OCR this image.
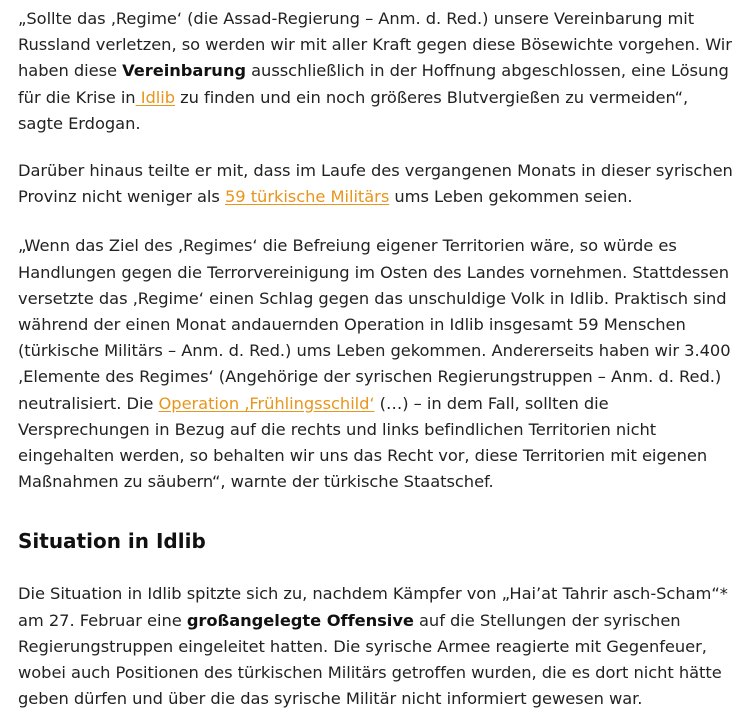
„Sollte das ‚Regime‘ (die Assad-Regierung – Anm. d. Red.) unsere Vereinbarung mit Russland verletzen, so werden wir mit aller Kraft gegen diese Bösewichte vorgehen. Wir haben diese Vereinbarung ausschließlich in der Hoffnung abgeschlossen, eine Lösung für die Krise in Idlib zu finden und ein noch größeres Blutvergießen zu vermeiden“, sagte Erdogan.

Darüber hinaus teilte er mit, dass im Laufe des vergangenen Monats in dieser syrischen Provinz nicht weniger als 59 türkische Militärs ums Leben gekommen seien.

„Wenn das Ziel des ‚Regimes‘ die Befreiung eigener Territorien wäre, so würde es Handlungen gegen die Terrorvereinigung im Osten des Landes vornehmen. Stattdessen versetzte das ‚Regime‘ einen Schlag gegen das unschuldige Volk in Idlib. Praktisch sind während der einen Monat andauernden Operation in Idlib insgesamt 59 Menschen (türkische Militärs – Anm. d. Red.) ums Leben gekommen. Andererseits haben wir 3.400 ‚Elemente des Regimes‘ (Angehörige der syrischen Regierungstruppen – Anm. d. Red.) neutralisiert. Die Operation ‚Frühlingsschild‘ (…) – in dem Fall, sollten die Versprechungen in Bezug auf die rechts und links befindlichen Territorien nicht eingehalten werden, so behalten wir uns das Recht vor, diese Territorien mit eigenen Maßnahmen zu säubern“, warnte der türkische Staatschef.

Situation in Idlib

Die Situation in Idlib spitzte sich zu, nachdem Kämpfer von „Hai’at Tahrir asch-Scham“* am 27. Februar eine großangelegte Offensive auf die Stellungen der syrischen Regierungstruppen eingeleitet hatten. Die syrische Armee reagierte mit Gegenfeuer, wobei auch Positionen des türkischen Militärs getroffen wurden, die es dort nicht hätte geben dürfen und über die das syrische Militär nicht informiert gewesen war.
